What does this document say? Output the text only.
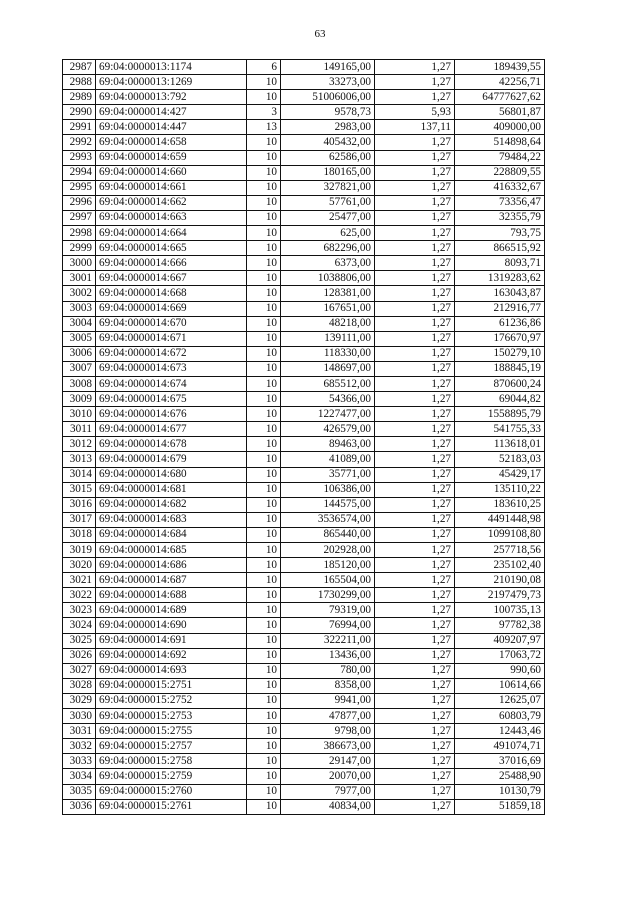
63
2987	69:04:0000013:1174	6	149165,00	1,27	189439,55
2988	69:04:0000013:1269	10	33273,00	1,27	42256,71
2989	69:04:0000013:792	10	51006006,00	1,27	64777627,62
2990	69:04:0000014:427	3	9578,73	5,93	56801,87
2991	69:04:0000014:447	13	2983,00	137,11	409000,00
2992	69:04:0000014:658	10	405432,00	1,27	514898,64
2993	69:04:0000014:659	10	62586,00	1,27	79484,22
2994	69:04:0000014:660	10	180165,00	1,27	228809,55
2995	69:04:0000014:661	10	327821,00	1,27	416332,67
2996	69:04:0000014:662	10	57761,00	1,27	73356,47
2997	69:04:0000014:663	10	25477,00	1,27	32355,79
2998	69:04:0000014:664	10	625,00	1,27	793,75
2999	69:04:0000014:665	10	682296,00	1,27	866515,92
3000	69:04:0000014:666	10	6373,00	1,27	8093,71
3001	69:04:0000014:667	10	1038806,00	1,27	1319283,62
3002	69:04:0000014:668	10	128381,00	1,27	163043,87
3003	69:04:0000014:669	10	167651,00	1,27	212916,77
3004	69:04:0000014:670	10	48218,00	1,27	61236,86
3005	69:04:0000014:671	10	139111,00	1,27	176670,97
3006	69:04:0000014:672	10	118330,00	1,27	150279,10
3007	69:04:0000014:673	10	148697,00	1,27	188845,19
3008	69:04:0000014:674	10	685512,00	1,27	870600,24
3009	69:04:0000014:675	10	54366,00	1,27	69044,82
3010	69:04:0000014:676	10	1227477,00	1,27	1558895,79
3011	69:04:0000014:677	10	426579,00	1,27	541755,33
3012	69:04:0000014:678	10	89463,00	1,27	113618,01
3013	69:04:0000014:679	10	41089,00	1,27	52183,03
3014	69:04:0000014:680	10	35771,00	1,27	45429,17
3015	69:04:0000014:681	10	106386,00	1,27	135110,22
3016	69:04:0000014:682	10	144575,00	1,27	183610,25
3017	69:04:0000014:683	10	3536574,00	1,27	4491448,98
3018	69:04:0000014:684	10	865440,00	1,27	1099108,80
3019	69:04:0000014:685	10	202928,00	1,27	257718,56
3020	69:04:0000014:686	10	185120,00	1,27	235102,40
3021	69:04:0000014:687	10	165504,00	1,27	210190,08
3022	69:04:0000014:688	10	1730299,00	1,27	2197479,73
3023	69:04:0000014:689	10	79319,00	1,27	100735,13
3024	69:04:0000014:690	10	76994,00	1,27	97782,38
3025	69:04:0000014:691	10	322211,00	1,27	409207,97
3026	69:04:0000014:692	10	13436,00	1,27	17063,72
3027	69:04:0000014:693	10	780,00	1,27	990,60
3028	69:04:0000015:2751	10	8358,00	1,27	10614,66
3029	69:04:0000015:2752	10	9941,00	1,27	12625,07
3030	69:04:0000015:2753	10	47877,00	1,27	60803,79
3031	69:04:0000015:2755	10	9798,00	1,27	12443,46
3032	69:04:0000015:2757	10	386673,00	1,27	491074,71
3033	69:04:0000015:2758	10	29147,00	1,27	37016,69
3034	69:04:0000015:2759	10	20070,00	1,27	25488,90
3035	69:04:0000015:2760	10	7977,00	1,27	10130,79
3036	69:04:0000015:2761	10	40834,00	1,27	51859,18
